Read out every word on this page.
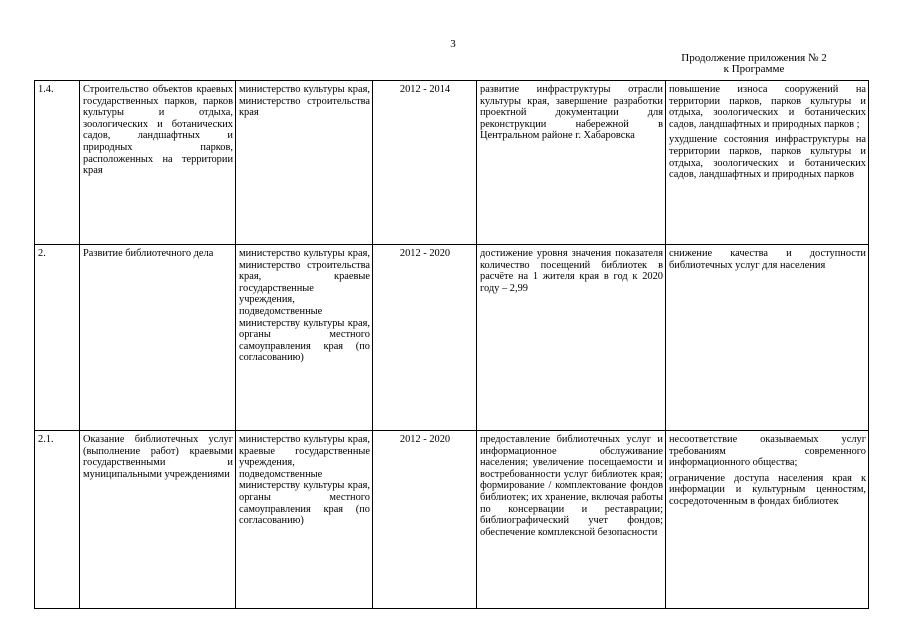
3
Продолжение приложения № 2
к Программе
1.4.	Строительство объектов краевых государственных парков, парков культуры и отдыха, зоологических и ботанических садов, ландшафтных и природных парков, расположенных на территории края	министерство культуры края, министерство строительства края	2012 - 2014	развитие инфраструктуры отрасли культуры края, завершение разработки проектной документации для реконструкции набережной в Центральном районе г. Хабаровска	повышение износа сооружений на территории парков, парков культуры и отдыха, зоологических и ботанических садов, ландшафтных и природных парков ;

ухудшение состояния инфраструктуры на территории парков, парков культуры и отдыха, зоологических и ботанических садов, ландшафтных и природных парков

2.	Развитие библиотечного дела	министерство культуры края, министерство строительства края, краевые государственные учреждения, подведомственные министерству культуры края, органы местного самоуправления края (по согласованию)	2012 - 2020	достижение уровня значения показателя количество посещений библиотек в расчёте на 1 жителя края в год к 2020 году – 2,99	снижение качества и доступности библиотечных услуг для населения

2.1.	Оказание библиотечных услуг (выполнение работ) краевыми государственными и муниципальными учреждениями	министерство культуры края, краевые государственные учреждения, подведомственные министерству культуры края, органы местного самоуправления края (по согласованию)	2012 - 2020	предоставление библиотечных услуг и информационное обслуживание населения; увеличение посещаемости и востребованности услуг библиотек края; формирование / комплектование фондов библиотек; их хранение, включая работы по консервации и реставрации; библиографический учет фондов; обеспечение комплексной безопасности	несоответствие оказываемых услуг требованиям современного информационного общества;

ограничение доступа населения края к информации и культурным ценностям, сосредоточенным в фондах библиотек
